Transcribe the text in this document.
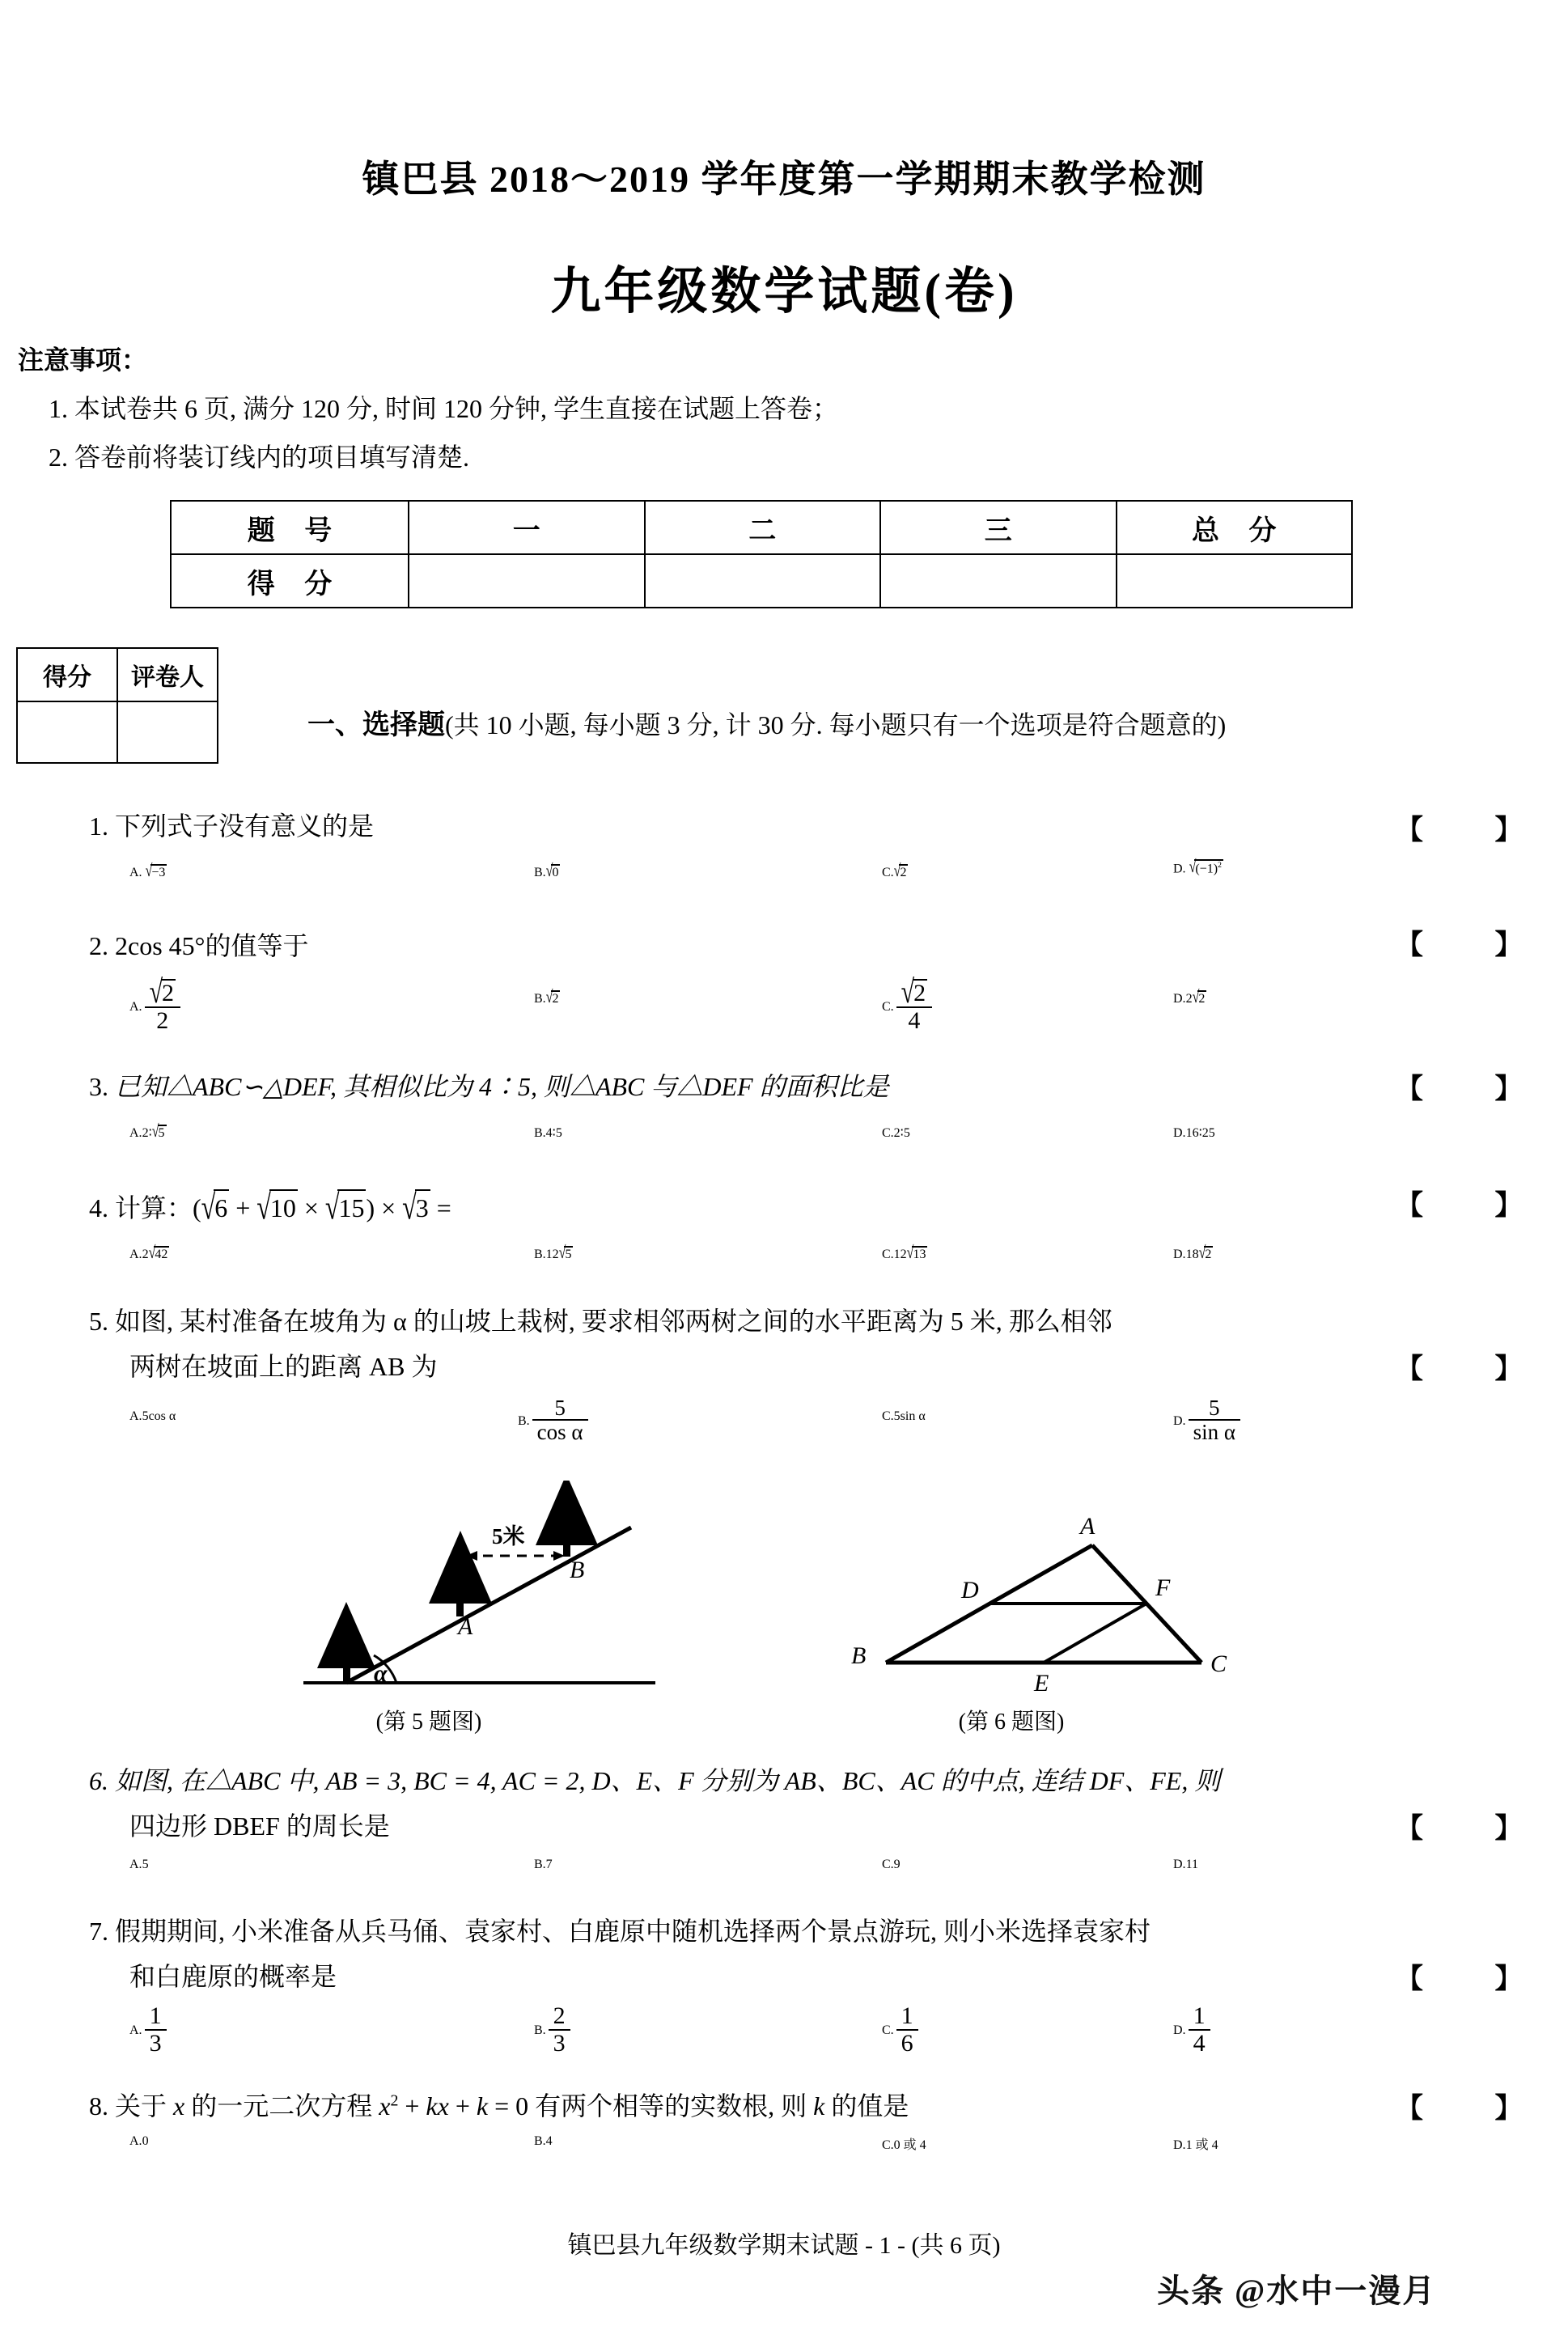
镇巴县 2018～2019 学年度第一学期期末教学检测
九年级数学试题(卷)
注意事项：
1. 本试卷共 6 页, 满分 120 分, 时间 120 分钟, 学生直接在试题上答卷；
2. 答卷前将装订线内的项目填写清楚.
题 号	一	二	三	总 分
得 分				
得分	评卷人

一、选择题(共 10 小题, 每小题 3 分, 计 30 分. 每小题只有一个选项是符合题意的)
1. 下列式子没有意义的是	【 】
A. √−3	B.√0	C.√2	D. $√(-1)^2$
2. 2cos 45°的值等于	【 】
A. $\frac{√2}{2}$	B.√2
C. $\frac{√2}{4}$	D.2√2
3. 已知△ABC∽△DEF, 其相似比为 4∶5, 则△ABC 与△DEF 的面积比是	【 】
A.2∶√5	B.4∶5	C.2∶5	D.16∶25
4. 计算：(√6 + √10 × √15) × √3 =	【 】
A.2√42	B.12√5	C.12√13	D.18√2
5. 如图, 某村准备在坡角为 α 的山坡上栽树, 要求相邻两树之间的水平距离为 5 米, 那么相邻
两树在坡面上的距离 AB 为	【 】
A.5cos α	B. $\frac{5}{\text{cos α}}$	C.5sin α	D. $\frac{5}{\text{sin α}}$
5米
α
A
B
(第 5 题图)
A
B	C
D
E
F
(第 6 题图)
6. 如图, 在△ABC 中, AB = 3, BC = 4, AC = 2, D、E、F 分别为 AB、BC、AC 的中点, 连结 DF、FE, 则
四边形 DBEF 的周长是	【 】
A.5	B.7	C.9	D.11
7. 假期期间, 小米准备从兵马俑、袁家村、白鹿原中随机选择两个景点游玩, 则小米选择袁家村
和白鹿原的概率是	【 】
A. $\frac{1}{3}$	B. $\frac{2}{3}$	C. $\frac{1}{6}$	D. $\frac{1}{4}$
8. 关于 x 的一元二次方程 $x^2$ + kx + k = 0 有两个相等的实数根, 则 k 的值是	【 】
A.0	B.4	C.0 或 4	D.1 或 4
镇巴县九年级数学期末试题 - 1 - (共 6 页)
头条 @水中一漫月
